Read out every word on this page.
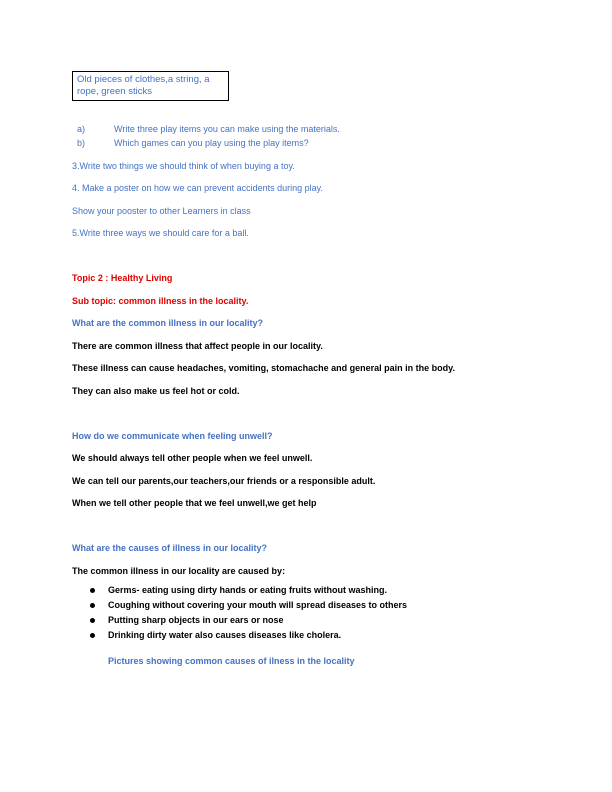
Old pieces of clothes,a string, a
rope, green sticks
a)	Write three play items you can make using the materials.
b)	Which games can you play using the play items?
3.Write two things we should think of when buying a toy.
4. Make a poster on how we can prevent accidents during play.
Show your pooster to other Learners in class
5.Write three ways we should care for a ball.
Topic 2 : Healthy Living
Sub topic: common illness in the locality.
What are the common illness in our locality?
There are common illness that affect people in our locality.
These illness can cause headaches, vomiting, stomachache and general pain in the body.
They can also make us feel hot or cold.
How do we communicate when feeling unwell?
We should always tell other people when we feel unwell.
We can tell our parents,our teachers,our friends or a responsible adult.
When we tell other people that we feel unwell,we get help
What are the causes of illness in our locality?
The common illness in our locality are caused by:
Germs- eating using dirty hands or eating fruits without washing.
Coughing without covering your mouth will spread diseases to others
Putting sharp objects in our ears or nose
Drinking dirty water also causes diseases like cholera.
Pictures showing common causes of ilness in the locality
